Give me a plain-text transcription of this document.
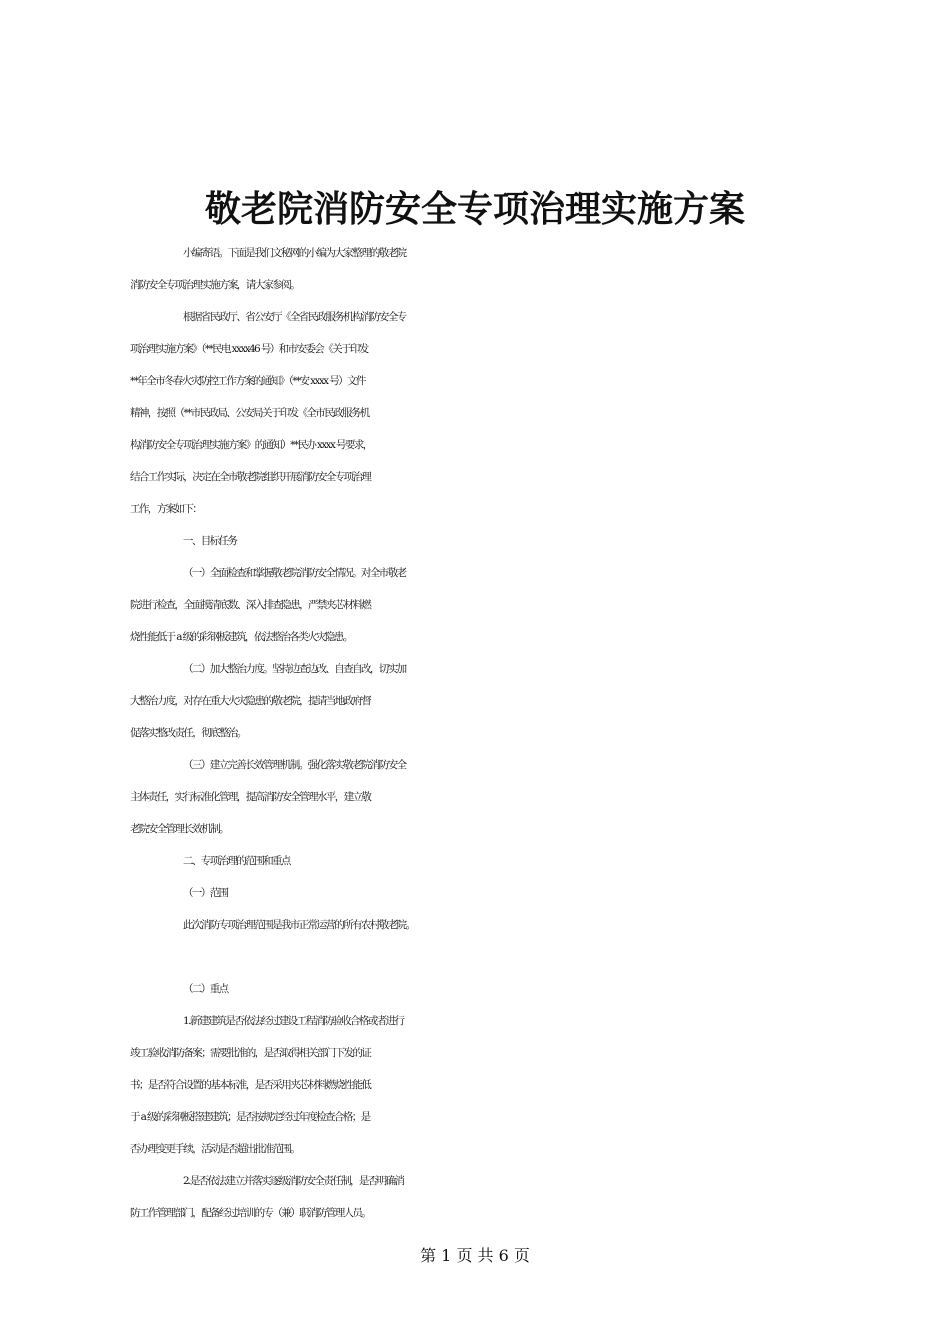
敬老院消防安全专项治理实施方案
小编寄语。下面是我们文秘网的小编为大家整理的敬老院
消防安全专项治理实施方案，请大家参阅。
根据省民政厅、省公安厅《全省民政服务机构消防安全专
项治理实施方案》（**民电 xxxx46 号）和市安委会《关于印发
**年全市冬春火灾防控工作方案的通知》（**安 xxxx 号）文件
精神，按照（**市民政局、公安局关于印发《全市民政服务机
构消防安全专项治理实施方案》的通知）**民办 xxxx 号要求，
结合工作实际，决定在全市敬老院组织开展消防安全专项治理
工作，方案如下：
一、目标任务
（一）全面检查和掌握敬老院消防安全情况。对全市敬老
院进行检查，全面摸清底数、深入排查隐患，严禁夹芯材料燃
烧性能低于 a 级的彩钢板建筑，依法整治各类火灾隐患。
（二）加大整治力度。坚持边查边改、自查自改，切实加
大整治力度，对存在重大火灾隐患的敬老院，提请当地政府督
促落实整改责任，彻底整治。
（三）建立完善长效管理机制。强化落实敬老院消防安全
主体责任，实行标准化管理，提高消防安全管理水平，建立敬
老院安全管理长效机制。
二、专项治理的范围和重点
（一）范围
此次消防专项治理范围是我市正常运营的所有农村敬老院。
（二）重点
1.新建建筑是否依法经过建设工程消防验收合格或者进行
竣工验收消防备案；需要批准的，是否取得相关部门下发的证
书；是否符合设置的基本标准，是否采用夹芯材料燃烧性能低
于 a 级的彩钢板搭建建筑；是否按规定经过年度检查合格；是
否办理变更手续，活动是否超出批准范围。
2.是否依法建立并落实逐级消防安全责任制，是否明确消
防工作管理部门，配备经过培训的专（兼）职消防管理人员。
第 1 页 共 6 页
